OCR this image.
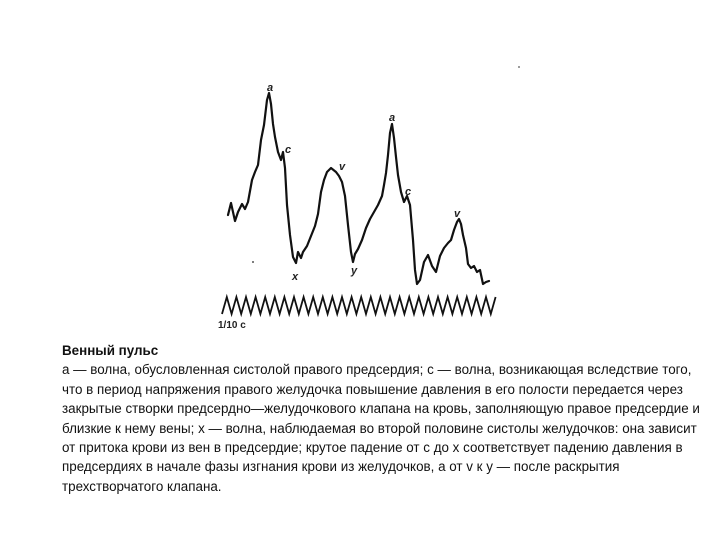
a
c
x
v
y
a
c
v
1/10 с
Венный пульс
а — волна, обусловленная систолой правого предсердия; с — волна, возникающая вследствие того, что в период напряжения правого желудочка повышение давления в его полости передается через закрытые створки предсердно—желудочкового клапана на кровь, заполняющую правое предсердие и близкие к нему вены; х — волна, наблюдаемая во второй половине систолы желудочков: она зависит от притока крови из вен в предсердие; крутое падение от с до х соответствует падению давления в предсердиях в начале фазы изгнания крови из желудочков, а от v к у — после раскрытия трехстворчатого клапана.
